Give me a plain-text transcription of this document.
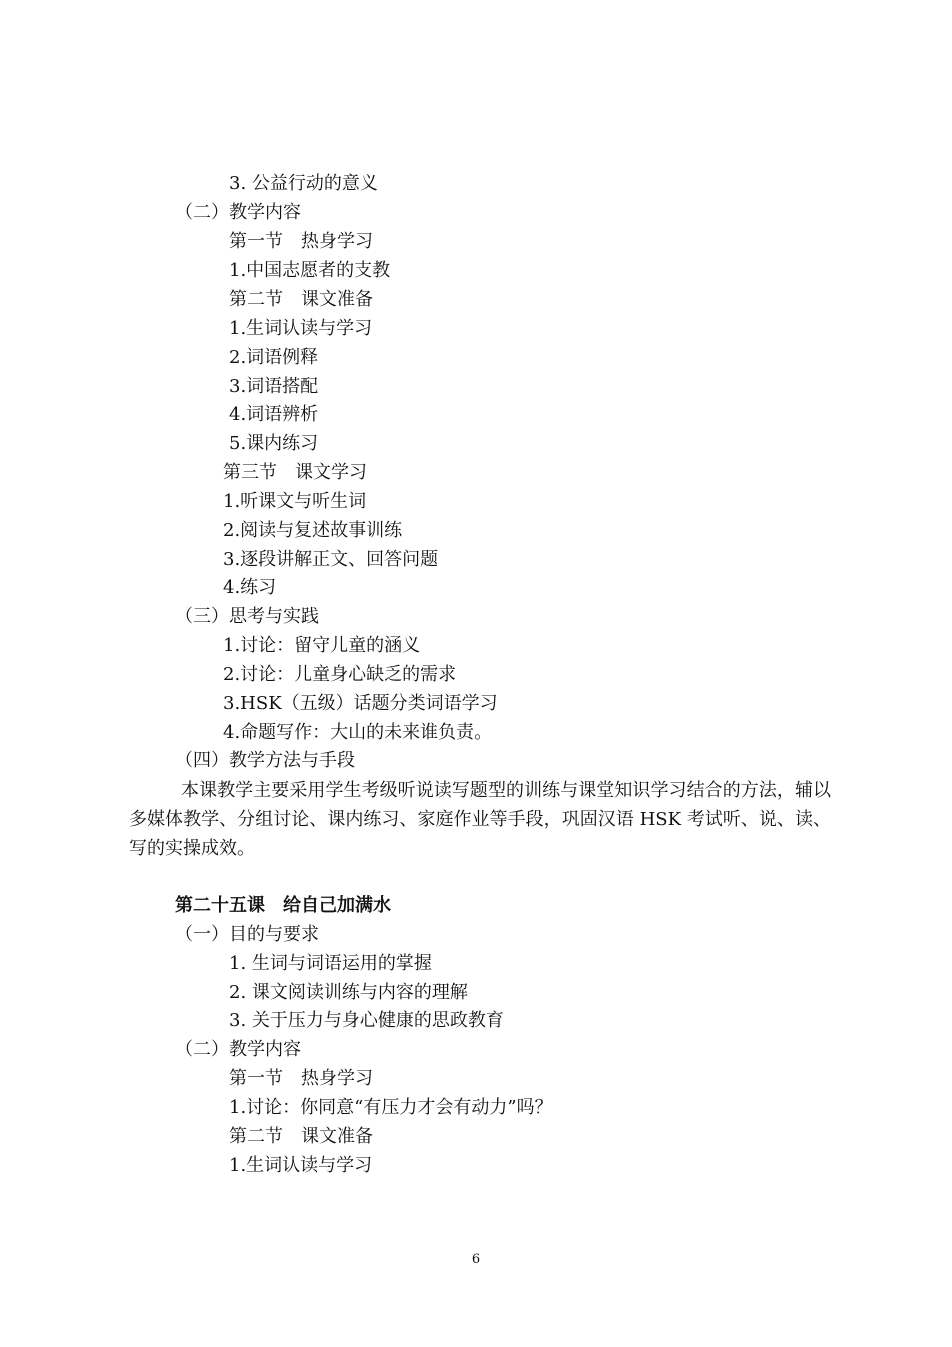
3. 公益行动的意义
（二）教学内容
第一节　热身学习
1.中国志愿者的支教
第二节　课文准备
1.生词认读与学习
2.词语例释
3.词语搭配
4.词语辨析
5.课内练习
第三节　课文学习
1.听课文与听生词
2.阅读与复述故事训练
3.逐段讲解正文、回答问题
4.练习
（三）思考与实践
1.讨论：留守儿童的涵义
2.讨论：儿童身心缺乏的需求
3.HSK（五级）话题分类词语学习
4.命题写作：大山的未来谁负责。
（四）教学方法与手段
本课教学主要采用学生考级听说读写题型的训练与课堂知识学习结合的方法，辅以多媒体教学、分组讨论、课内练习、家庭作业等手段，巩固汉语 HSK 考试听、说、读、写的实操成效。
第二十五课　给自己加满水
（一）目的与要求
1. 生词与词语运用的掌握
2. 课文阅读训练与内容的理解
3. 关于压力与身心健康的思政教育
（二）教学内容
第一节　热身学习
1.讨论：你同意“有压力才会有动力”吗？
第二节　课文准备
1.生词认读与学习
6
